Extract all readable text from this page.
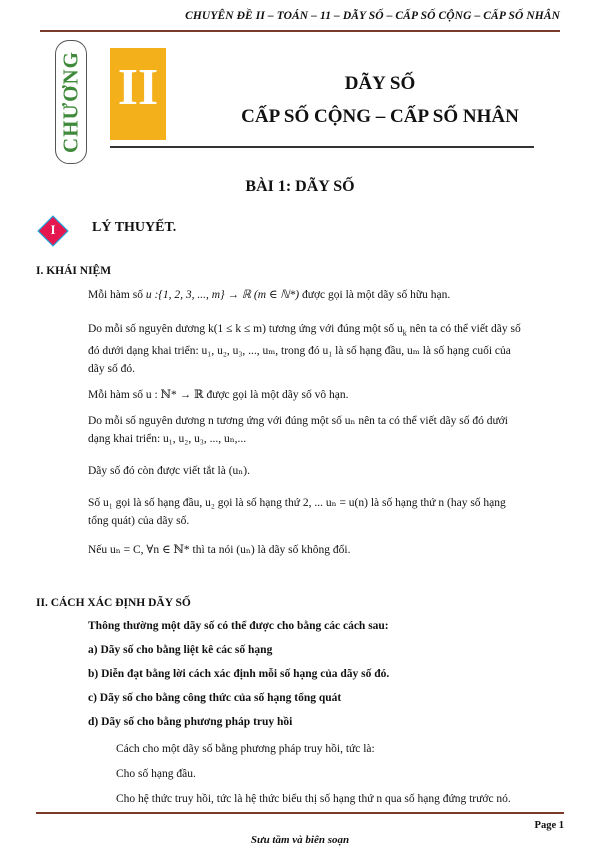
CHUYÊN ĐỀ II – TOÁN – 11 – DÃY SỐ – CẤP SỐ CỘNG – CẤP SỐ NHÂN
CHƯƠNG II	DÃY SỐ
CẤP SỐ CỘNG – CẤP SỐ NHÂN
BÀI 1: DÃY SỐ
I	LÝ THUYẾT.
I. KHÁI NIỆM
Mỗi hàm số u :{1, 2, 3, ..., m} → ℝ (m ∈ ℕ*) được gọi là một dãy số hữu hạn.
Do mỗi số nguyên dương k(1 ≤ k ≤ m) tương ứng với đúng một số $u_k$ nên ta có thể viết dãy số
đó dưới dạng khai triển: u₁, u₂, u₃, ..., uₘ, trong đó u₁ là số hạng đầu, uₘ là số hạng cuối của
dãy số đó.
Mỗi hàm số u : ℕ* → ℝ được gọi là một dãy số vô hạn.
Do mỗi số nguyên dương n tương ứng với đúng một số uₙ nên ta có thể viết dãy số đó dưới
dạng khai triển: u₁, u₂, u₃, ..., uₙ,...
Dãy số đó còn được viết tắt là (uₙ).
Số u₁ gọi là số hạng đầu, u₂ gọi là số hạng thứ 2, ... uₙ = u(n) là số hạng thứ n (hay số hạng
tổng quát) của dãy số.
Nếu uₙ = C, ∀n ∈ ℕ* thì ta nói (uₙ) là dãy số không đổi.
II. CÁCH XÁC ĐỊNH DÃY SỐ
Thông thường một dãy số có thể được cho bằng các cách sau:
a) Dãy số cho bằng liệt kê các số hạng
b) Diễn đạt bằng lời cách xác định mỗi số hạng của dãy số đó.
c) Dãy số cho bằng công thức của số hạng tổng quát
d) Dãy số cho bằng phương pháp truy hồi
Cách cho một dãy số bằng phương pháp truy hồi, tức là:
Cho số hạng đầu.
Cho hệ thức truy hồi, tức là hệ thức biểu thị số hạng thứ n qua số hạng đứng trước nó.
Page 1
Sưu tầm và biên soạn
